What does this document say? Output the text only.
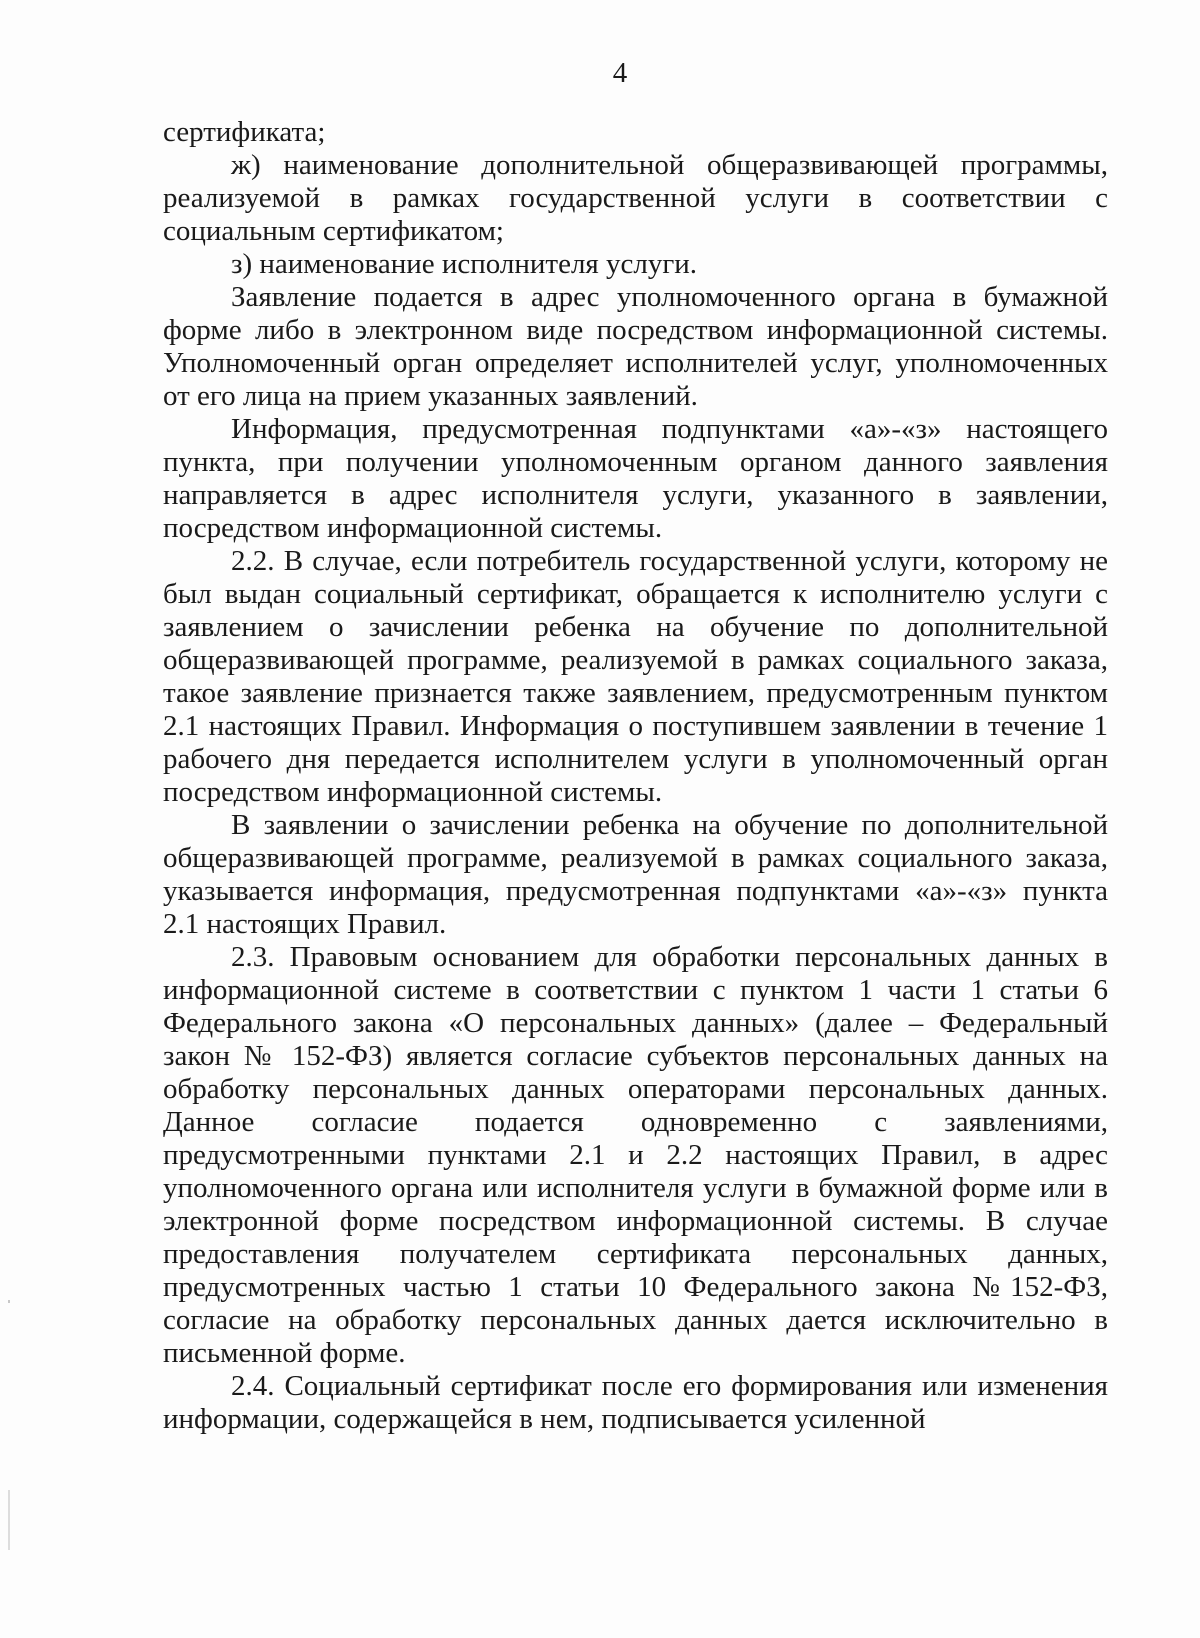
4

сертификата;

ж) наименование дополнительной общеразвивающей программы, реализуемой в рамках государственной услуги в соответствии с социальным сертификатом;

з) наименование исполнителя услуги.

Заявление подается в адрес уполномоченного органа в бумажной форме либо в электронном виде посредством информационной системы. Уполномоченный орган определяет исполнителей услуг, уполномоченных от его лица на прием указанных заявлений.

Информация, предусмотренная подпунктами «а»-«з» настоящего пункта, при получении уполномоченным органом данного заявления направляется в адрес исполнителя услуги, указанного в заявлении, посредством информационной системы.

2.2. В случае, если потребитель государственной услуги, которому не был выдан социальный сертификат, обращается к исполнителю услуги с заявлением о зачислении ребенка на обучение по дополнительной общеразвивающей программе, реализуемой в рамках социального заказа, такое заявление признается также заявлением, предусмотренным пунктом 2.1 настоящих Правил. Информация о поступившем заявлении в течение 1 рабочего дня передается исполнителем услуги в уполномоченный орган посредством информационной системы.

В заявлении о зачислении ребенка на обучение по дополнительной общеразвивающей программе, реализуемой в рамках социального заказа, указывается информация, предусмотренная подпунктами «а»-«з» пункта 2.1 настоящих Правил.

2.3. Правовым основанием для обработки персональных данных в информационной системе в соответствии с пунктом 1 части 1 статьи 6 Федерального закона «О персональных данных» (далее – Федеральный закон № 152-ФЗ) является согласие субъектов персональных данных на обработку персональных данных операторами персональных данных. Данное согласие подается одновременно с заявлениями, предусмотренными пунктами 2.1 и 2.2 настоящих Правил, в адрес уполномоченного органа или исполнителя услуги в бумажной форме или в электронной форме посредством информационной системы. В случае предоставления получателем сертификата персональных данных, предусмотренных частью 1 статьи 10 Федерального закона №152-ФЗ, согласие на обработку персональных данных дается исключительно в письменной форме.

2.4. Социальный сертификат после его формирования или изменения информации, содержащейся в нем, подписывается усиленной
